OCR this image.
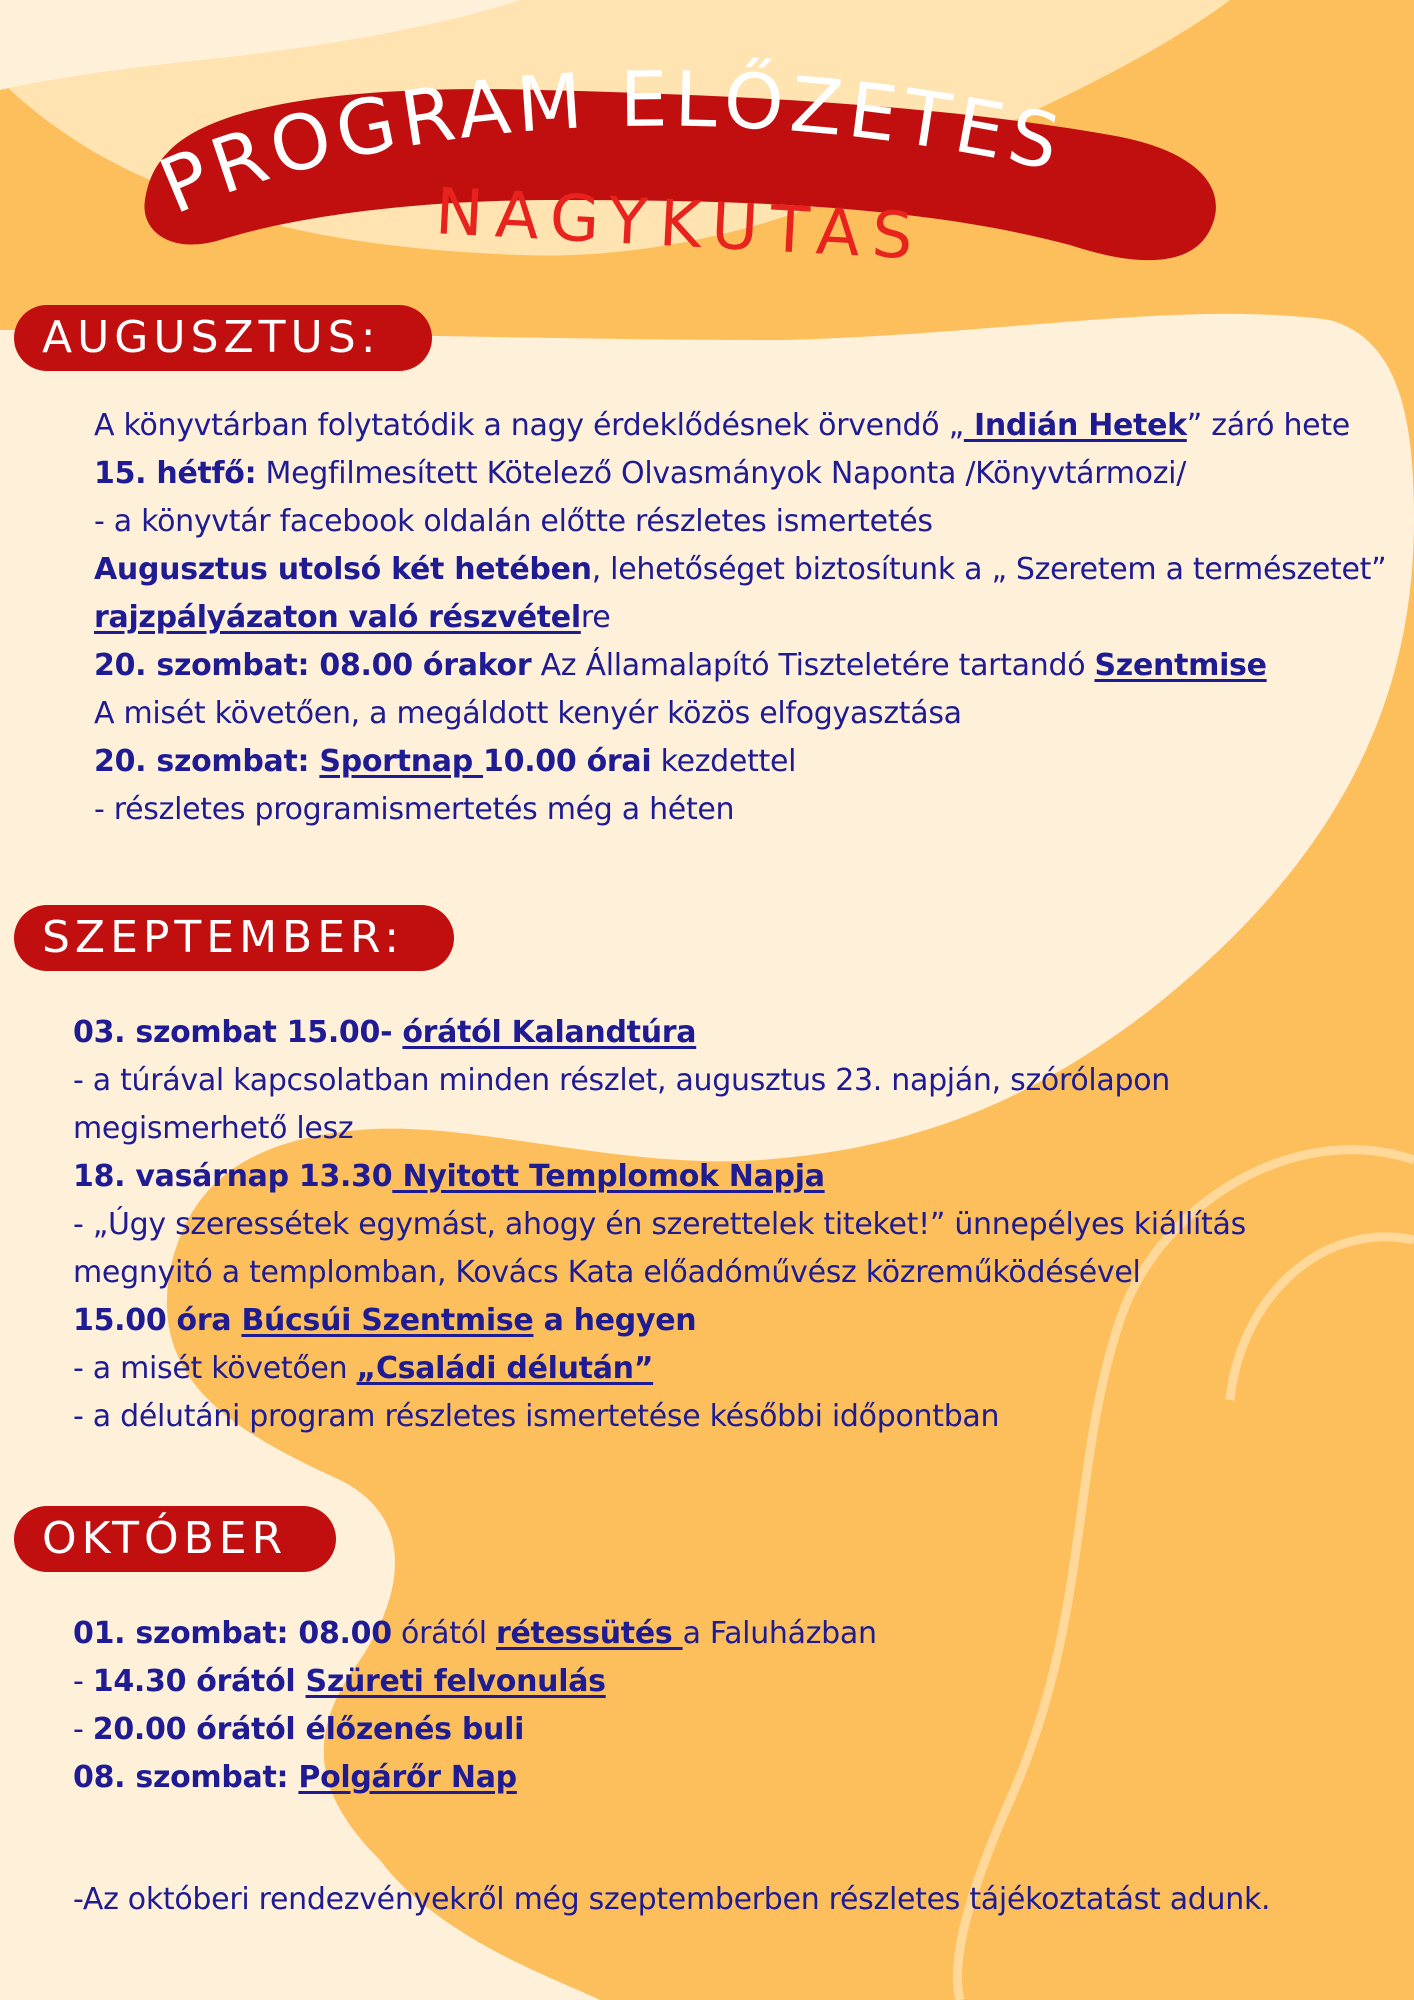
PROGRAM ELŐZETES
NAGYKUTAS
AUGUSZTUS:

A könyvtárban folytatódik a nagy érdeklődésnek örvendő „ Indián Hetek” záró hete

15. hétfő: Megfilmesített Kötelező Olvasmányok Naponta /Könyvtármozi/

- a könyvtár facebook oldalán előtte részletes ismertetés

Augusztus utolsó két hetében, lehetőséget biztosítunk a „ Szeretem a természetet” rajzpályázaton való részvételre

20. szombat: 08.00 órakor Az Államalapító Tiszteletére tartandó Szentmise

A misét követően, a megáldott kenyér közös elfogyasztása

20. szombat: Sportnap 10.00 órai kezdettel

- részletes programismertetés még a héten

SZEPTEMBER:

03. szombat 15.00- órától Kalandtúra

- a túrával kapcsolatban minden részlet, augusztus 23. napján, szórólapon

megismerhető lesz

18. vasárnap 13.30 Nyitott Templomok Napja

- „Úgy szeressétek egymást, ahogy én szerettelek titeket!” ünnepélyes kiállítás

megnyitó a templomban, Kovács Kata előadóművész közreműködésével

15.00 óra Búcsúi Szentmise a hegyen

- a misét követően „Családi délután”

- a délutáni program részletes ismertetése későbbi időpontban

OKTÓBER

01. szombat: 08.00 órától rétessütés a Faluházban

- 14.30 órától Szüreti felvonulás

- 20.00 órától élőzenés buli

08. szombat: Polgárőr Nap

-Az októberi rendezvényekről még szeptemberben részletes tájékoztatást adunk.
